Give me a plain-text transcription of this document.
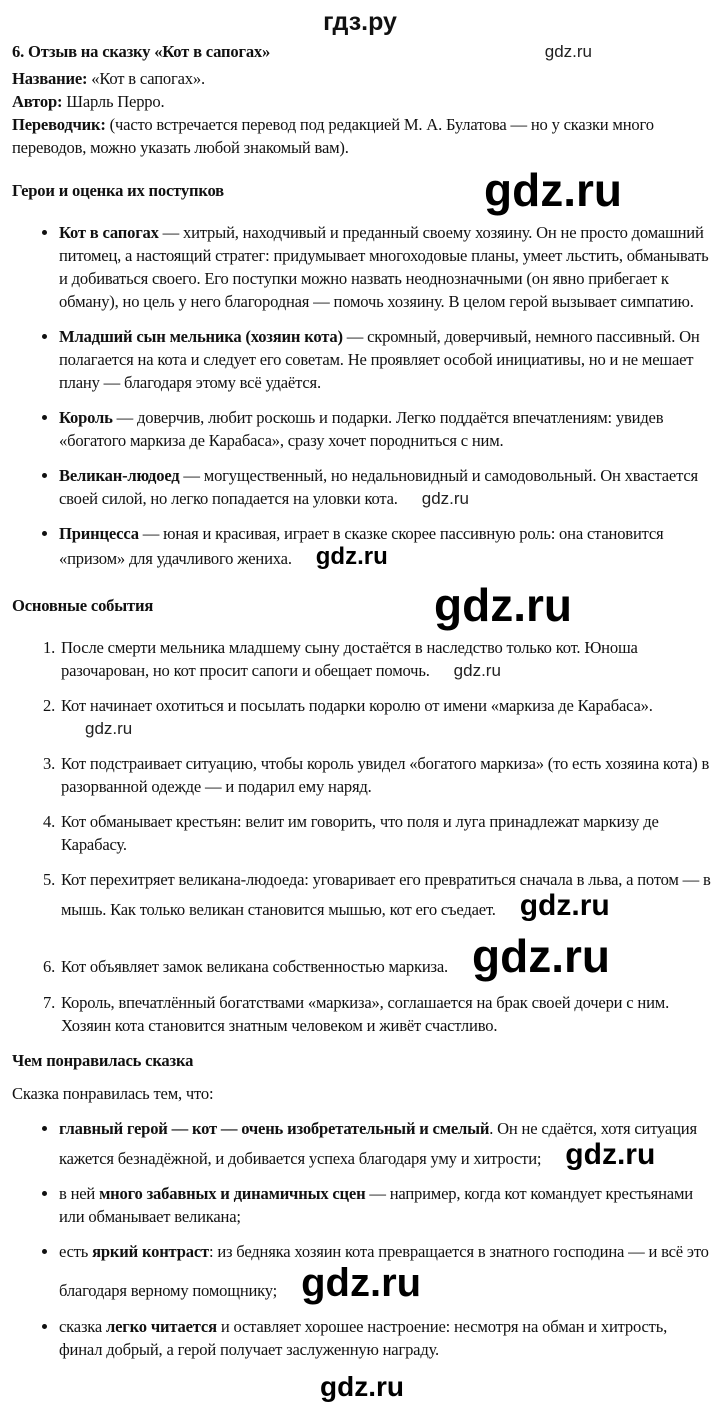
гдз.ру
6. Отзыв на сказку «Кот в сапогах»	gdz.ru

Название: «Кот в сапогах».

Автор: Шарль Перро.

Переводчик: (часто встречается перевод под редакцией М. А. Булатова — но у сказки много переводов, можно указать любой знакомый вам).

Герои и оценка их поступков	gdz.ru
• Кот в сапогах — хитрый, находчивый и преданный своему хозяину. Он не просто домашний питомец, а настоящий стратег: придумывает многоходовые планы, умеет льстить, обманывать и добиваться своего. Его поступки можно назвать неоднозначными (он явно прибегает к обману), но цель у него благородная — помочь хозяину. В целом герой вызывает симпатию.
• Младший сын мельника (хозяин кота) — скромный, доверчивый, немного пассивный. Он полагается на кота и следует его советам. Не проявляет особой инициативы, но и не мешает плану — благодаря этому всё удаётся.
• Король — доверчив, любит роскошь и подарки. Легко поддаётся впечатлениям: увидев «богатого маркиза де Карабаса», сразу хочет породниться с ним.
• Великан-людоед — могущественный, но недальновидный и самодовольный. Он хвастается своей силой, но легко попадается на уловки кота. gdz.ru
• Принцесса — юная и красивая, играет в сказке скорее пассивную роль: она становится «призом» для удачливого жениха. gdz.ru
Основные события	gdz.ru
1. После смерти мельника младшему сыну достаётся в наследство только кот. Юноша разочарован, но кот просит сапоги и обещает помочь. gdz.ru
2. Кот начинает охотиться и посылать подарки королю от имени «маркиза де Карабаса».gdz.ru
3. Кот подстраивает ситуацию, чтобы король увидел «богатого маркиза» (то есть хозяина кота) в разорванной одежде — и подарил ему наряд.
4. Кот обманывает крестьян: велит им говорить, что поля и луга принадлежат маркизу де Карабасу.
5. Кот перехитряет великана-людоеда: уговаривает его превратиться сначала в льва, а потом — в мышь. Как только великан становится мышью, кот его съедает. gdz.ru
6. Кот объявляет замок великана собственностью маркиза. gdz.ru
7. Король, впечатлённый богатствами «маркиза», соглашается на брак своей дочери с ним. Хозяин кота становится знатным человеком и живёт счастливо.
Чем понравилась сказка

Сказка понравилась тем, что:

• главный герой — кот — очень изобретательный и смелый. Он не сдаётся, хотя ситуация кажется безнадёжной, и добивается успеха благодаря уму и хитрости; gdz.ru
• в ней много забавных и динамичных сцен — например, когда кот командует крестьянами или обманывает великана;
• есть яркий контраст: из бедняка хозяин кота превращается в знатного господина — и всё это благодаря верному помощнику; gdz.ru
• сказка легко читается и оставляет хорошее настроение: несмотря на обман и хитрость, финал добрый, а герой получает заслуженную награду.
gdz.ru
